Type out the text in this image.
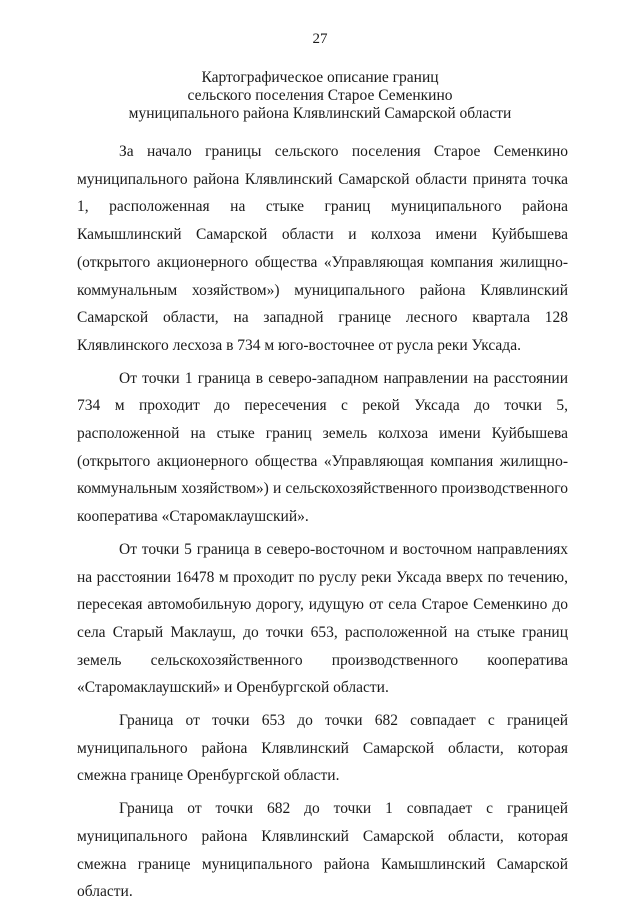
27
Картографическое описание границ
сельского поселения Старое Семенкино
муниципального района Клявлинский Самарской области

За начало границы сельского поселения Старое Семенкино муниципального района Клявлинский Самарской области принята точка 1, расположенная на стыке границ муниципального района Камышлинский Самарской области и колхоза имени Куйбышева (открытого акционерного общества «Управляющая компания жилищно-коммунальным хозяйством») муниципального района Клявлинский Самарской области, на западной границе лесного квартала 128 Клявлинского лесхоза в 734 м юго-восточнее от русла реки Уксада.

От точки 1 граница в северо-западном направлении на расстоянии 734 м проходит до пересечения с рекой Уксада до точки 5, расположенной на стыке границ земель колхоза имени Куйбышева (открытого акционерного общества «Управляющая компания жилищно-коммунальным хозяйством») и сельскохозяйственного производственного кооператива «Старомаклаушский».

От точки 5 граница в северо-восточном и восточном направлениях на расстоянии 16478 м проходит по руслу реки Уксада вверх по течению, пересекая автомобильную дорогу, идущую от села Старое Семенкино до села Старый Маклауш, до точки 653, расположенной на стыке границ земель сельскохозяйственного производственного кооператива «Старомаклаушский» и Оренбургской области.

Граница от точки 653 до точки 682 совпадает с границей муниципального района Клявлинский Самарской области, которая смежна границе Оренбургской области.

Граница от точки 682 до точки 1 совпадает с границей муниципального района Клявлинский Самарской области, которая смежна границе муниципального района Камышлинский Самарской области.
